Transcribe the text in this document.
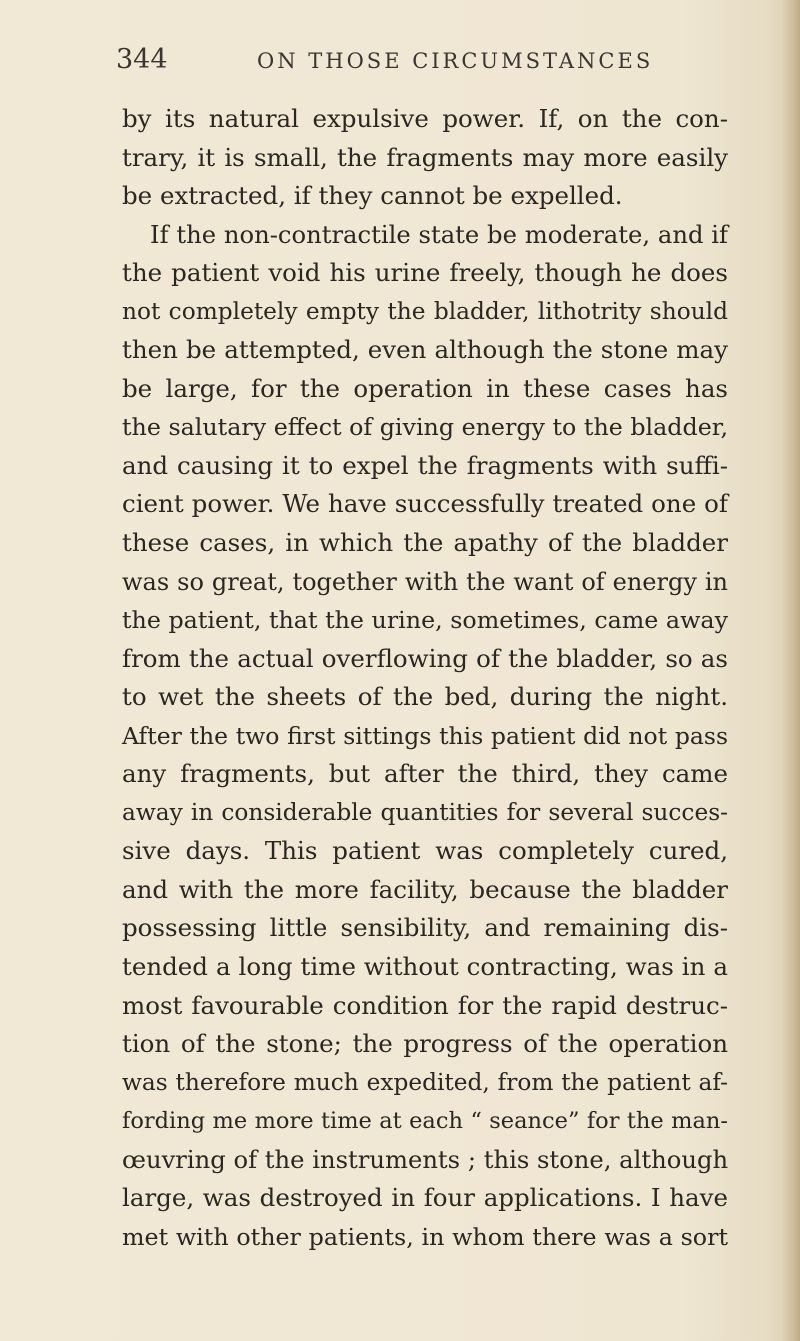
344	ON THOSE CIRCUMSTANCES
by its natural expulsive power. If, on the con-
trary, it is small, the fragments may more easily
be extracted, if they cannot be expelled.
If the non-contractile state be moderate, and if
the patient void his urine freely, though he does
not completely empty the bladder, lithotrity should
then be attempted, even although the stone may
be large, for the operation in these cases has
the salutary effect of giving energy to the bladder,
and causing it to expel the fragments with suffi-
cient power. We have successfully treated one of
these cases, in which the apathy of the bladder
was so great, together with the want of energy in
the patient, that the urine, sometimes, came away
from the actual overflowing of the bladder, so as
to wet the sheets of the bed, during the night.
After the two first sittings this patient did not pass
any fragments, but after the third, they came
away in considerable quantities for several succes-
sive days. This patient was completely cured,
and with the more facility, because the bladder
possessing little sensibility, and remaining dis-
tended a long time without contracting, was in a
most favourable condition for the rapid destruc-
tion of the stone; the progress of the operation
was therefore much expedited, from the patient af-
fording me more time at each “ seance” for the man-
œuvring of the instruments ; this stone, although
large, was destroyed in four applications. I have
met with other patients, in whom there was a sort
